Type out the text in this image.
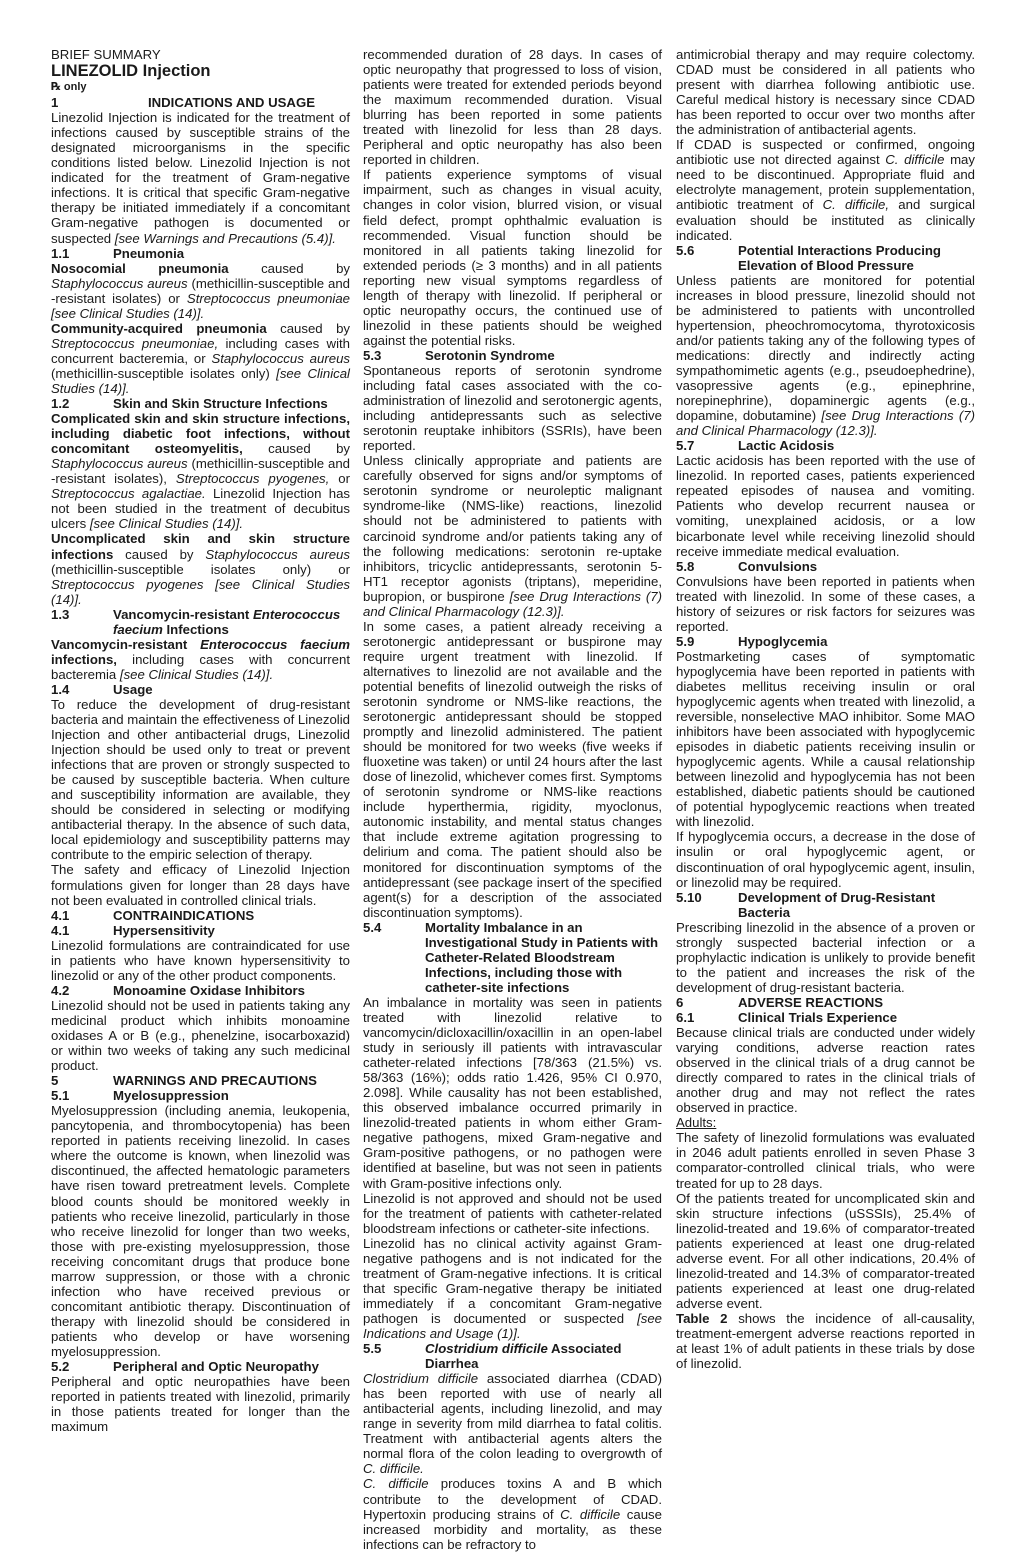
BRIEF SUMMARY

LINEZOLID Injection

℞ only

1	INDICATIONS AND USAGE

Linezolid Injection is indicated for the treatment of infections caused by susceptible strains of the designated microorganisms in the specific conditions listed below. Linezolid Injection is not indicated for the treatment of Gram-negative infections. It is critical that specific Gram-negative therapy be initiated immediately if a concomitant Gram-negative pathogen is documented or suspected [see Warnings and Precautions (5.4)].

1.1	Pneumonia

Nosocomial pneumonia caused by Staphylococcus aureus (methicillin-susceptible and -resistant isolates) or Streptococcus pneumoniae [see Clinical Studies (14)].

Community-acquired pneumonia caused by Streptococcus pneumoniae, including cases with concurrent bacteremia, or Staphylococcus aureus (methicillin-susceptible isolates only) [see Clinical Studies (14)].

1.2	Skin and Skin Structure Infections

Complicated skin and skin structure infections, including diabetic foot infections, without concomitant osteomyelitis, caused by Staphylococcus aureus (methicillin-susceptible and -resistant isolates), Streptococcus pyogenes, or Streptococcus agalactiae. Linezolid Injection has not been studied in the treatment of decubitus ulcers [see Clinical Studies (14)].

Uncomplicated skin and skin structure infections caused by Staphylococcus aureus (methicillin-susceptible isolates only) or Streptococcus pyogenes [see Clinical Studies (14)].

1.3	Vancomycin-resistant Enterococcus faecium Infections

Vancomycin-resistant Enterococcus faecium infections, including cases with concurrent bacteremia [see Clinical Studies (14)].

1.4	Usage

To reduce the development of drug-resistant bacteria and maintain the effectiveness of Linezolid Injection and other antibacterial drugs, Linezolid Injection should be used only to treat or prevent infections that are proven or strongly suspected to be caused by susceptible bacteria. When culture and susceptibility information are available, they should be considered in selecting or modifying antibacterial therapy. In the absence of such data, local epidemiology and susceptibility patterns may contribute to the empiric selection of therapy.

The safety and efficacy of Linezolid Injection formulations given for longer than 28 days have not been evaluated in controlled clinical trials.

4.1	CONTRAINDICATIONS
4.1	Hypersensitivity

Linezolid formulations are contraindicated for use in patients who have known hypersensitivity to linezolid or any of the other product components.

4.2	Monoamine Oxidase Inhibitors

Linezolid should not be used in patients taking any medicinal product which inhibits monoamine oxidases A or B (e.g., phenelzine, isocarboxazid) or within two weeks of taking any such medicinal product.

5	WARNINGS AND PRECAUTIONS
5.1	Myelosuppression

Myelosuppression (including anemia, leukopenia, pancytopenia, and thrombocytopenia) has been reported in patients receiving linezolid. In cases where the outcome is known, when linezolid was discontinued, the affected hematologic parameters have risen toward pretreatment levels. Complete blood counts should be monitored weekly in patients who receive linezolid, particularly in those who receive linezolid for longer than two weeks, those with pre-existing myelosuppression, those receiving concomitant drugs that produce bone marrow suppression, or those with a chronic infection who have received previous or concomitant antibiotic therapy. Discontinuation of therapy with linezolid should be considered in patients who develop or have worsening myelosuppression.

5.2	Peripheral and Optic Neuropathy

Peripheral and optic neuropathies have been reported in patients treated with linezolid, primarily in those patients treated for longer than the maximum

recommended duration of 28 days. In cases of optic neuropathy that progressed to loss of vision, patients were treated for extended periods beyond the maximum recommended duration. Visual blurring has been reported in some patients treated with linezolid for less than 28 days. Peripheral and optic neuropathy has also been reported in children.

If patients experience symptoms of visual impairment, such as changes in visual acuity, changes in color vision, blurred vision, or visual field defect, prompt ophthalmic evaluation is recommended. Visual function should be monitored in all patients taking linezolid for extended periods (≥ 3 months) and in all patients reporting new visual symptoms regardless of length of therapy with linezolid. If peripheral or optic neuropathy occurs, the continued use of linezolid in these patients should be weighed against the potential risks.

5.3	Serotonin Syndrome

Spontaneous reports of serotonin syndrome including fatal cases associated with the co-administration of linezolid and serotonergic agents, including antidepressants such as selective serotonin reuptake inhibitors (SSRIs), have been reported.

Unless clinically appropriate and patients are carefully observed for signs and/or symptoms of serotonin syndrome or neuroleptic malignant syndrome-like (NMS-like) reactions, linezolid should not be administered to patients with carcinoid syndrome and/or patients taking any of the following medications: serotonin re-uptake inhibitors, tricyclic antidepressants, serotonin 5-HT1 receptor agonists (triptans), meperidine, bupropion, or buspirone [see Drug Interactions (7) and Clinical Pharmacology (12.3)].

In some cases, a patient already receiving a serotonergic antidepressant or buspirone may require urgent treatment with linezolid. If alternatives to linezolid are not available and the potential benefits of linezolid outweigh the risks of serotonin syndrome or NMS-like reactions, the serotonergic antidepressant should be stopped promptly and linezolid administered. The patient should be monitored for two weeks (five weeks if fluoxetine was taken) or until 24 hours after the last dose of linezolid, whichever comes first. Symptoms of serotonin syndrome or NMS-like reactions include hyperthermia, rigidity, myoclonus, autonomic instability, and mental status changes that include extreme agitation progressing to delirium and coma. The patient should also be monitored for discontinuation symptoms of the antidepressant (see package insert of the specified agent(s) for a description of the associated discontinuation symptoms).

5.4	Mortality Imbalance in an Investigational Study in Patients with Catheter-Related Bloodstream Infections, including those with catheter-site infections

An imbalance in mortality was seen in patients treated with linezolid relative to vancomycin/dicloxacillin/oxacillin in an open-label study in seriously ill patients with intravascular catheter-related infections [78/363 (21.5%) vs. 58/363 (16%); odds ratio 1.426, 95% CI 0.970, 2.098]. While causality has not been established, this observed imbalance occurred primarily in linezolid-treated patients in whom either Gram-negative pathogens, mixed Gram-negative and Gram-positive pathogens, or no pathogen were identified at baseline, but was not seen in patients with Gram-positive infections only.

Linezolid is not approved and should not be used for the treatment of patients with catheter-related bloodstream infections or catheter-site infections.

Linezolid has no clinical activity against Gram-negative pathogens and is not indicated for the treatment of Gram-negative infections. It is critical that specific Gram-negative therapy be initiated immediately if a concomitant Gram-negative pathogen is documented or suspected [see Indications and Usage (1)].

5.5	Clostridium difficile Associated Diarrhea

Clostridium difficile associated diarrhea (CDAD) has been reported with use of nearly all antibacterial agents, including linezolid, and may range in severity from mild diarrhea to fatal colitis. Treatment with antibacterial agents alters the normal flora of the colon leading to overgrowth of C. difficile.

C. difficile produces toxins A and B which contribute to the development of CDAD. Hypertoxin producing strains of C. difficile cause increased morbidity and mortality, as these infections can be refractory to

antimicrobial therapy and may require colectomy. CDAD must be considered in all patients who present with diarrhea following antibiotic use. Careful medical history is necessary since CDAD has been reported to occur over two months after the administration of antibacterial agents.

If CDAD is suspected or confirmed, ongoing antibiotic use not directed against C. difficile may need to be discontinued. Appropriate fluid and electrolyte management, protein supplementation, antibiotic treatment of C. difficile, and surgical evaluation should be instituted as clinically indicated.

5.6	Potential Interactions Producing Elevation of Blood Pressure

Unless patients are monitored for potential increases in blood pressure, linezolid should not be administered to patients with uncontrolled hypertension, pheochromocytoma, thyrotoxicosis and/or patients taking any of the following types of medications: directly and indirectly acting sympathomimetic agents (e.g., pseudoephedrine), vasopressive agents (e.g., epinephrine, norepinephrine), dopaminergic agents (e.g., dopamine, dobutamine) [see Drug Interactions (7) and Clinical Pharmacology (12.3)].

5.7	Lactic Acidosis

Lactic acidosis has been reported with the use of linezolid. In reported cases, patients experienced repeated episodes of nausea and vomiting. Patients who develop recurrent nausea or vomiting, unexplained acidosis, or a low bicarbonate level while receiving linezolid should receive immediate medical evaluation.

5.8	Convulsions

Convulsions have been reported in patients when treated with linezolid. In some of these cases, a history of seizures or risk factors for seizures was reported.

5.9	Hypoglycemia

Postmarketing cases of symptomatic hypoglycemia have been reported in patients with diabetes mellitus receiving insulin or oral hypoglycemic agents when treated with linezolid, a reversible, nonselective MAO inhibitor. Some MAO inhibitors have been associated with hypoglycemic episodes in diabetic patients receiving insulin or hypoglycemic agents. While a causal relationship between linezolid and hypoglycemia has not been established, diabetic patients should be cautioned of potential hypoglycemic reactions when treated with linezolid.

If hypoglycemia occurs, a decrease in the dose of insulin or oral hypoglycemic agent, or discontinuation of oral hypoglycemic agent, insulin, or linezolid may be required.

5.10	Development of Drug-Resistant Bacteria

Prescribing linezolid in the absence of a proven or strongly suspected bacterial infection or a prophylactic indication is unlikely to provide benefit to the patient and increases the risk of the development of drug-resistant bacteria.

6	ADVERSE REACTIONS
6.1	Clinical Trials Experience

Because clinical trials are conducted under widely varying conditions, adverse reaction rates observed in the clinical trials of a drug cannot be directly compared to rates in the clinical trials of another drug and may not reflect the rates observed in practice.

Adults:

The safety of linezolid formulations was evaluated in 2046 adult patients enrolled in seven Phase 3 comparator-controlled clinical trials, who were treated for up to 28 days.

Of the patients treated for uncomplicated skin and skin structure infections (uSSSIs), 25.4% of linezolid-treated and 19.6% of comparator-treated patients experienced at least one drug-related adverse event. For all other indications, 20.4% of linezolid-treated and 14.3% of comparator-treated patients experienced at least one drug-related adverse event.

Table 2 shows the incidence of all-causality, treatment-emergent adverse reactions reported in at least 1% of adult patients in these trials by dose of linezolid.
